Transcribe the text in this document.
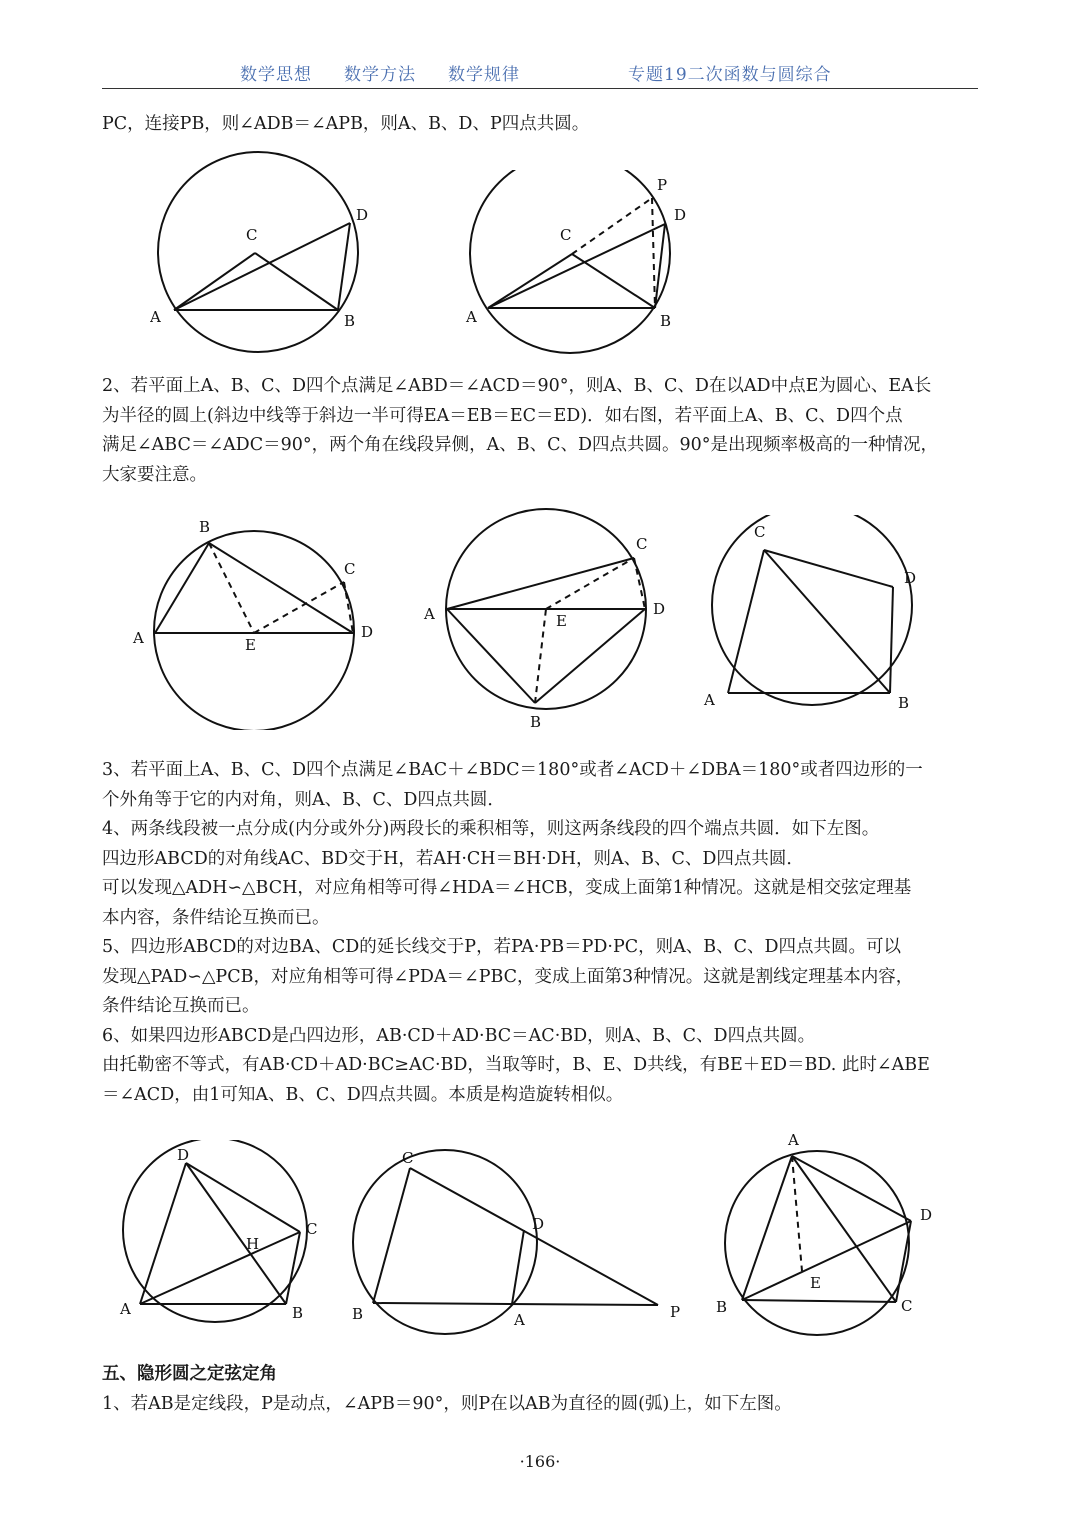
数学思想 数学方法 数学规律	专题19二次函数与圆综合

PC，连接PB，则∠ADB＝∠APB，则A、B、D、P四点共圆。

A	B
C
D
A	B
C
D
P

2、若平面上A、B、C、D四个点满足∠ABD＝∠ACD＝90°，则A、B、C、D在以AD中点E为圆心、EA长

为半径的圆上(斜边中线等于斜边一半可得EA＝EB＝EC＝ED)．如右图，若平面上A、B、C、D四个点

满足∠ABC＝∠ADC＝90°，两个角在线段异侧，A、B、C、D四点共圆。90°是出现频率极高的一种情况，

大家要注意。

A
B
C
D
E
A
B
C
D
E
A	B
C
D

3、若平面上A、B、C、D四个点满足∠BAC＋∠BDC＝180°或者∠ACD＋∠DBA＝180°或者四边形的一

个外角等于它的内对角，则A、B、C、D四点共圆．

4、两条线段被一点分成(内分或外分)两段长的乘积相等，则这两条线段的四个端点共圆．如下左图。

四边形ABCD的对角线AC、BD交于H，若AH·CH＝BH·DH，则A、B、C、D四点共圆．

可以发现△ADH∽△BCH，对应角相等可得∠HDA＝∠HCB，变成上面第1种情况。这就是相交弦定理基

本内容，条件结论互换而已。

5、四边形ABCD的对边BA、CD的延长线交于P，若PA·PB＝PD·PC，则A、B、C、D四点共圆。可以

发现△PAD∽△PCB，对应角相等可得∠PDA＝∠PBC，变成上面第3种情况。这就是割线定理基本内容，

条件结论互换而已。

6、如果四边形ABCD是凸四边形，AB·CD＋AD·BC＝AC·BD，则A、B、C、D四点共圆。

由托勒密不等式，有AB·CD＋AD·BC≥AC·BD，当取等时，B、E、D共线，有BE＋ED＝BD. 此时∠ABE

＝∠ACD，由1可知A、B、C、D四点共圆。本质是构造旋转相似。

A	B
C
D
H
B	A
C
D
P
A
B	C
D
E

五、隐形圆之定弦定角

1、若AB是定线段，P是动点，∠APB＝90°，则P在以AB为直径的圆(弧)上，如下左图。

·166·
